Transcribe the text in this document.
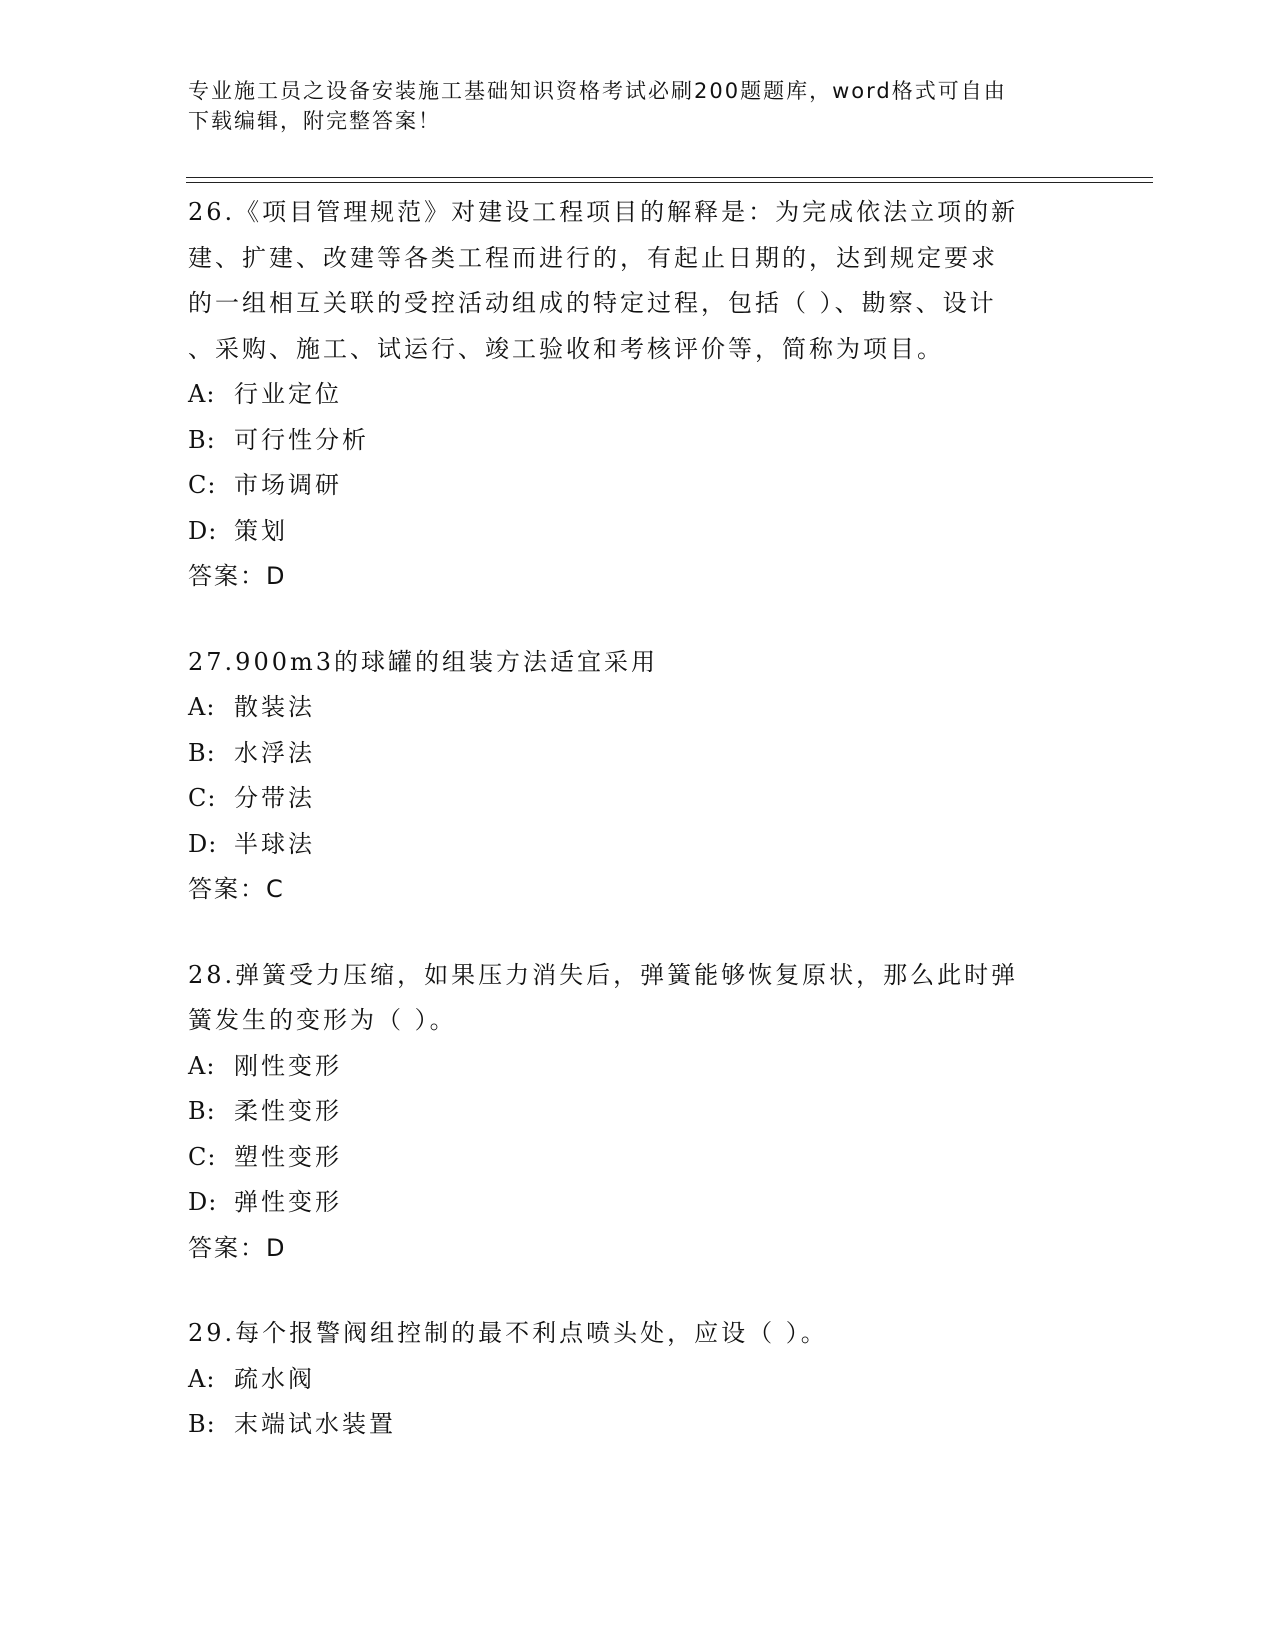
专业施工员之设备安装施工基础知识资格考试必刷200题题库，word格式可自由
下载编辑，附完整答案！
26.《项目管理规范》对建设工程项目的解释是：为完成依法立项的新
建、扩建、改建等各类工程而进行的，有起止日期的，达到规定要求
的一组相互关联的受控活动组成的特定过程，包括（ ）、勘察、设计
、采购、施工、试运行、竣工验收和考核评价等，简称为项目。
A: 行业定位
B: 可行性分析
C: 市场调研
D: 策划
答案：D
27.900m3的球罐的组装方法适宜采用
A: 散装法
B: 水浮法
C: 分带法
D: 半球法
答案：C
28.弹簧受力压缩，如果压力消失后，弹簧能够恢复原状，那么此时弹
簧发生的变形为（ ）。
A: 刚性变形
B: 柔性变形
C: 塑性变形
D: 弹性变形
答案：D
29.每个报警阀组控制的最不利点喷头处，应设（ ）。
A: 疏水阀
B: 末端试水装置
